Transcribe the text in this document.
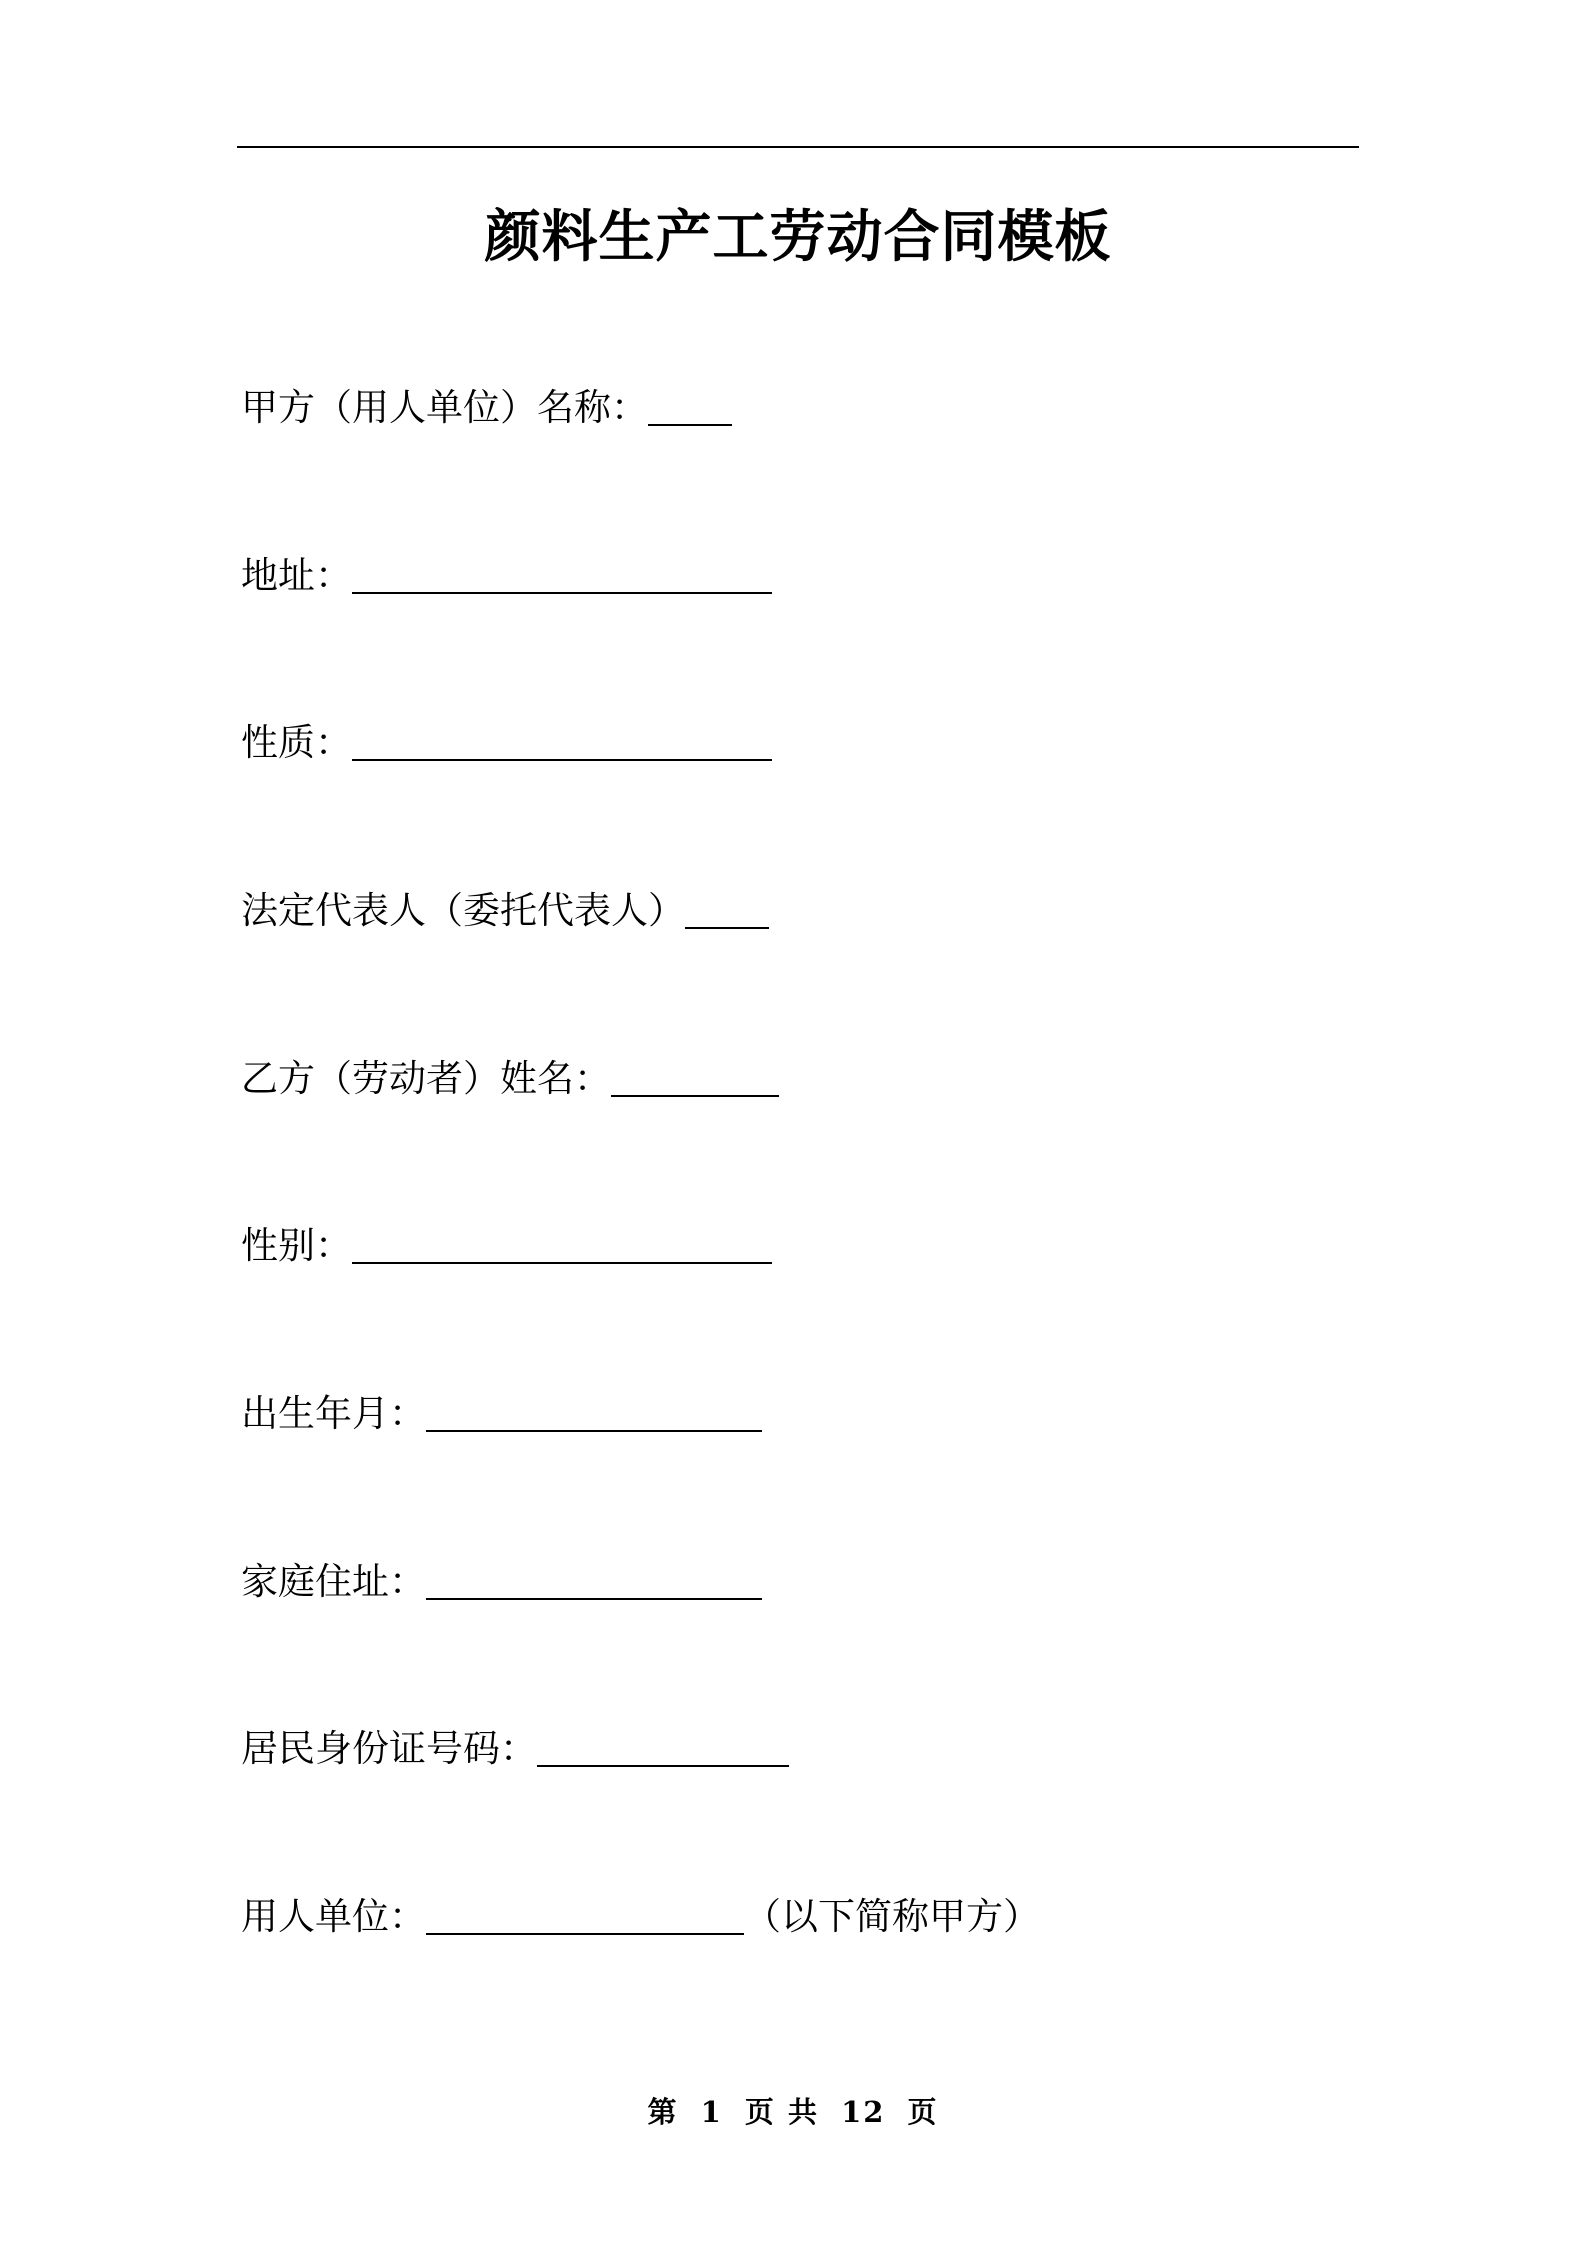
颜料生产工劳动合同模板
甲方（用人单位）名称：
地址：
性质：
法定代表人（委托代表人）
乙方（劳动者）姓名：
性别：
出生年月：
家庭住址：
居民身份证号码：
用人单位：	（以下简称甲方）
第 1 页 共 12 页
